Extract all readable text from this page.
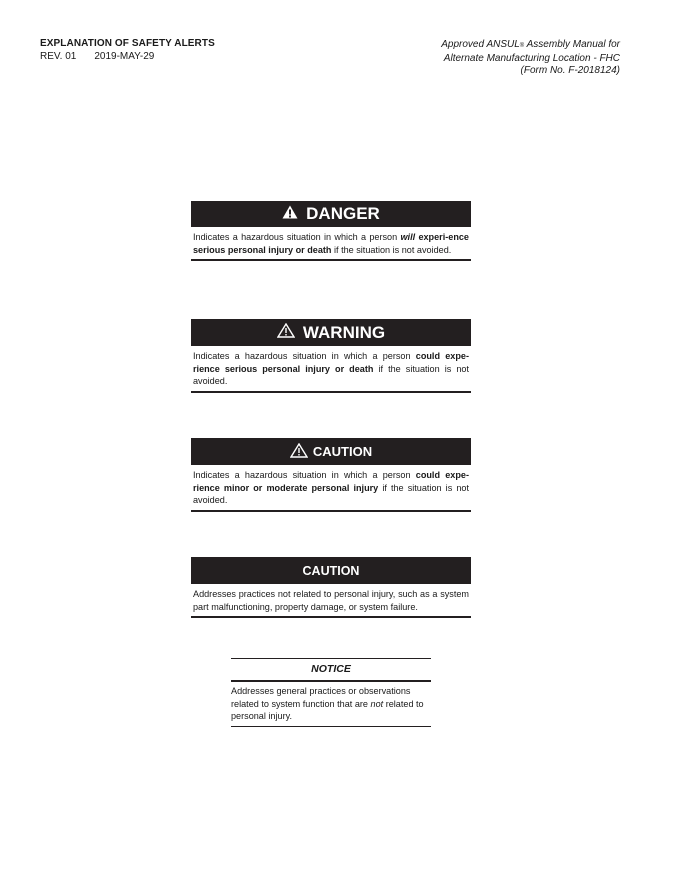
EXPLANATION OF SAFETY ALERTS
REV. 01 2019-MAY-29
Approved ANSUL® Assembly Manual for
Alternate Manufacturing Location - FHC
(Form No. F-2018124)
DANGER
Indicates a hazardous situation in which a person will experi-ence serious personal injury or death if the situation is not avoided.
WARNING
Indicates a hazardous situation in which a person could expe-rience serious personal injury or death if the situation is not avoided.
CAUTION
Indicates a hazardous situation in which a person could expe-rience minor or moderate personal injury if the situation is not avoided.
CAUTION
Addresses practices not related to personal injury, such as a system part malfunctioning, property damage, or system failure.
NOTICE
Addresses general practices or observations related to system function that are not related to personal injury.
